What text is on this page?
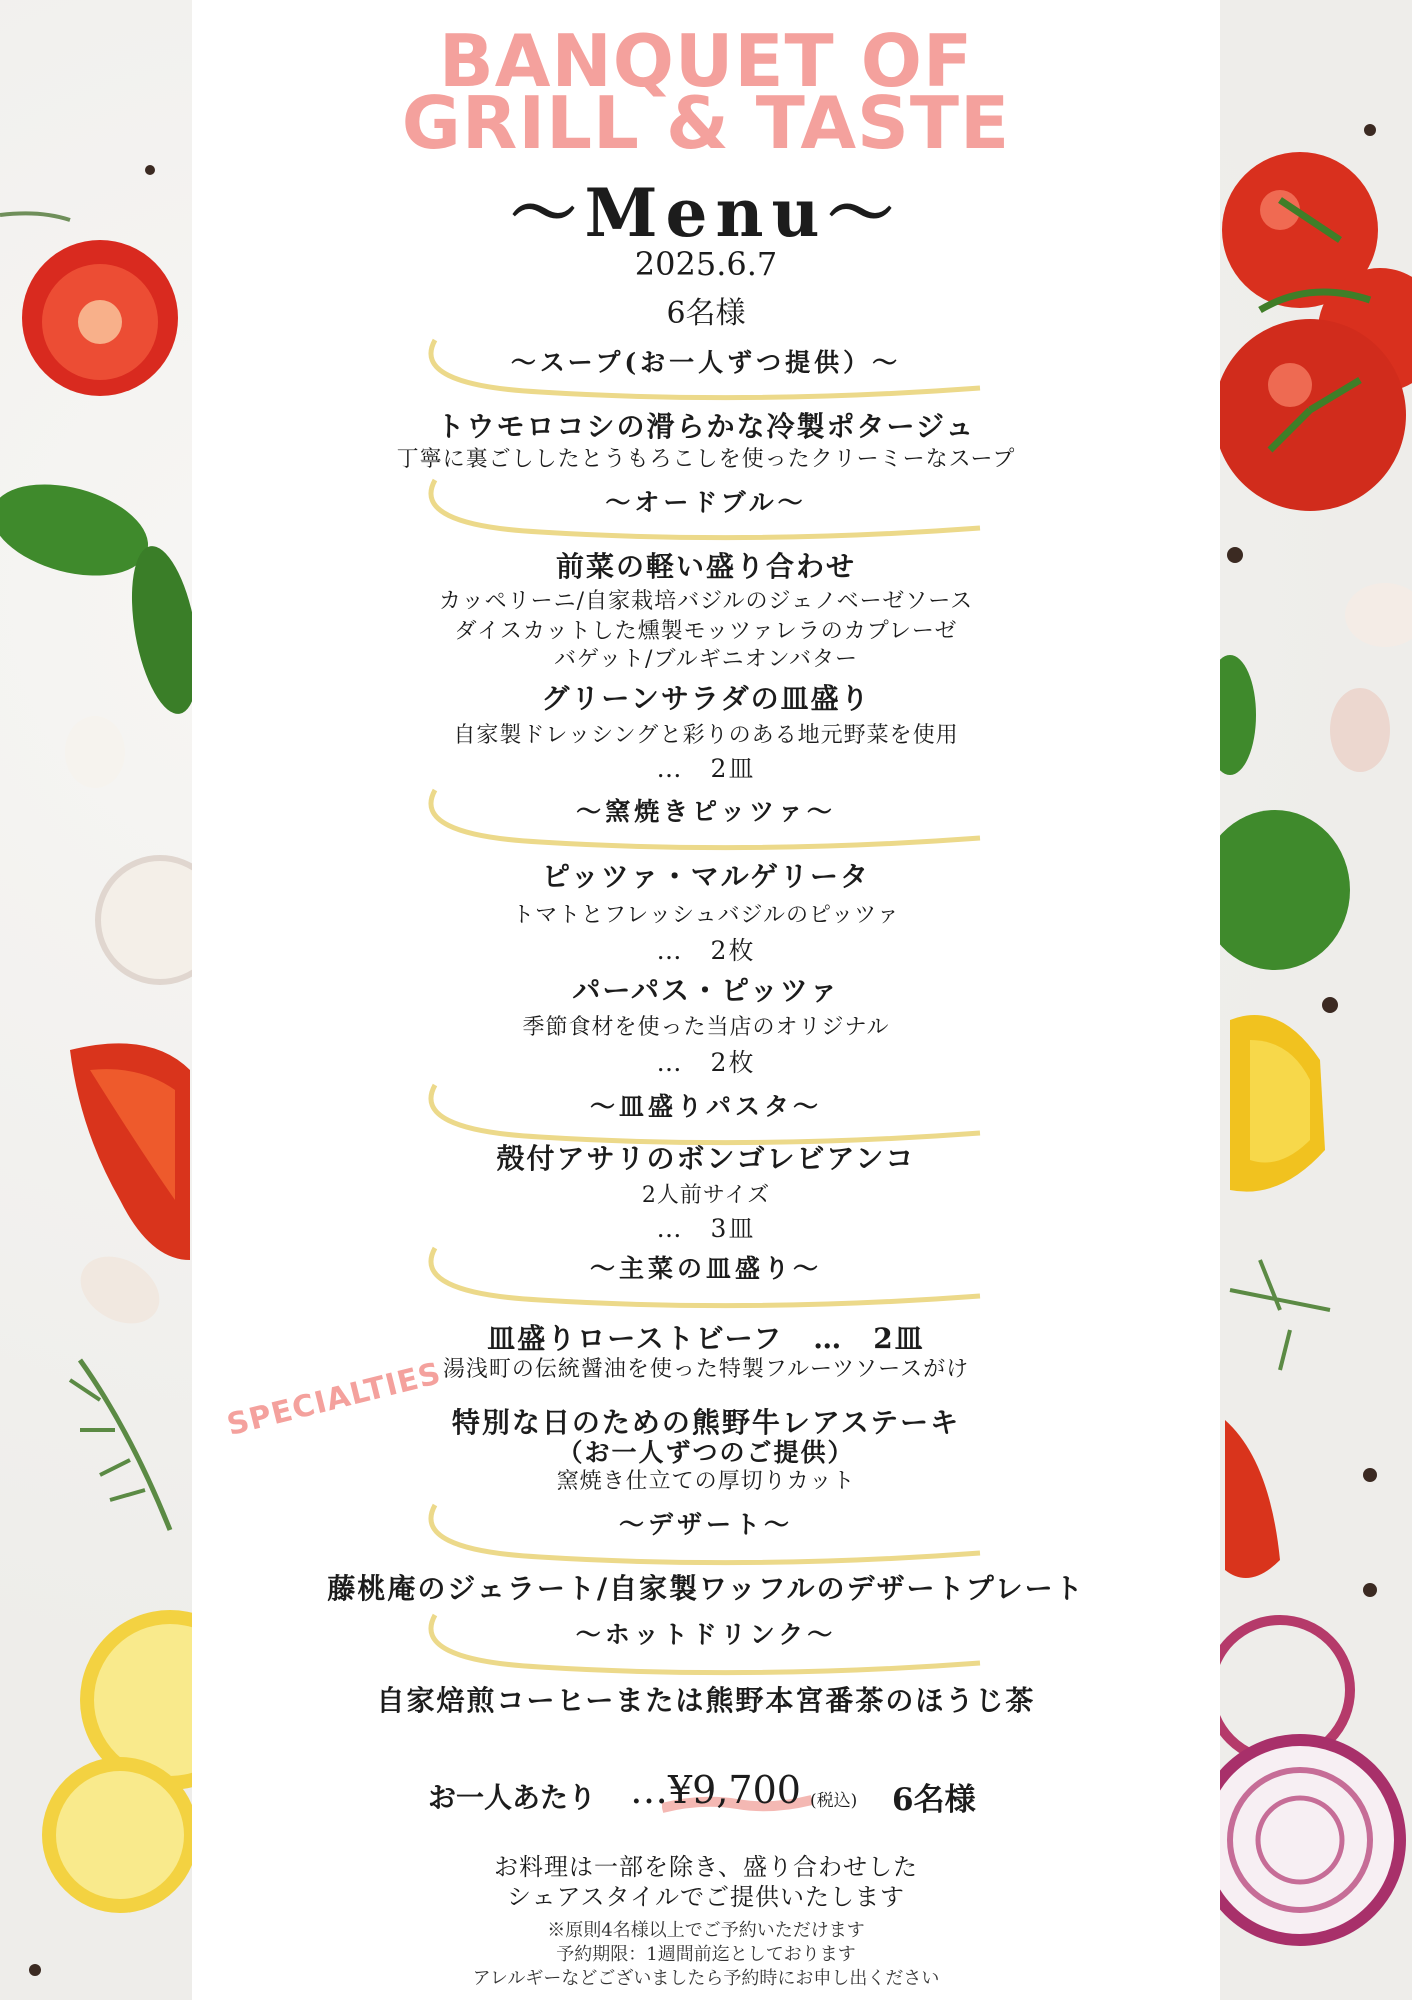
BANQUET OF
GRILL & TASTE
〜Menu〜
2025.6.7
6名様
〜スープ(お一人ずつ提供）〜
トウモロコシの滑らかな冷製ポタージュ
丁寧に裏ごししたとうもろこしを使ったクリーミーなスープ
〜オードブル〜
前菜の軽い盛り合わせ
カッペリーニ/自家栽培バジルのジェノベーゼソース
ダイスカットした燻製モッツァレラのカプレーゼ
バゲット/ブルギニオンバター
グリーンサラダの皿盛り
自家製ドレッシングと彩りのある地元野菜を使用
…　2皿
〜窯焼きピッツァ〜
ピッツァ・マルゲリータ
トマトとフレッシュバジルのピッツァ
…　2枚
パーパス・ピッツァ
季節食材を使った当店のオリジナル
…　2枚
〜皿盛りパスタ〜
殻付アサリのボンゴレビアンコ
2人前サイズ
…　3皿
〜主菜の皿盛り〜
皿盛りローストビーフ　…　2皿
湯浅町の伝統醤油を使った特製フルーツソースがけ
特別な日のための熊野牛レアステーキ
（お一人ずつのご提供）
窯焼き仕立ての厚切りカット
SPECIALTIES
〜デザート〜
藤桃庵のジェラート/自家製ワッフルのデザートプレート
〜ホットドリンク〜
自家焙煎コーヒーまたは熊野本宮番茶のほうじ茶
お一人あたり …¥9,700 (税込) 6名様
お料理は一部を除き、盛り合わせした
シェアスタイルでご提供いたします
※原則4名様以上でご予約いただけます
予約期限：1週間前迄としております
アレルギーなどございましたら予約時にお申し出ください
